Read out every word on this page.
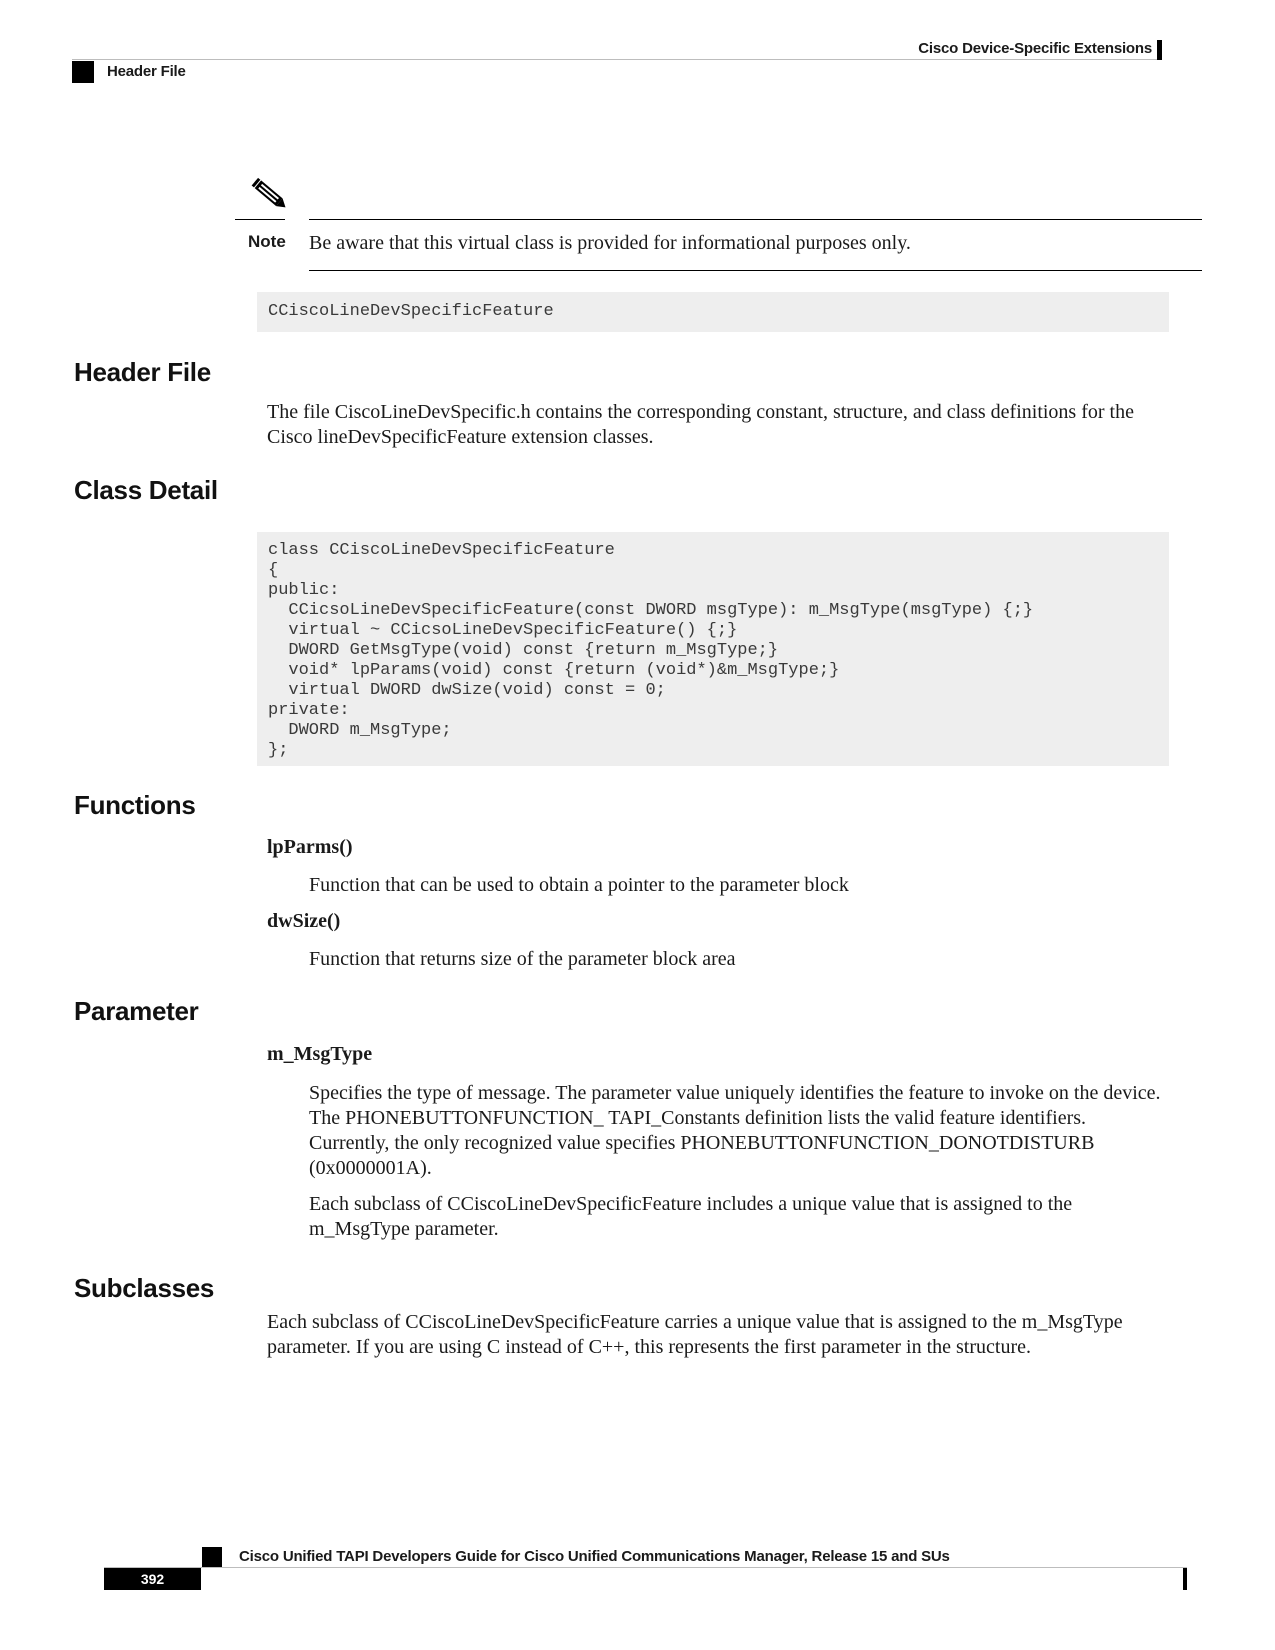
Cisco Device-Specific Extensions
Header File
Note Be aware that this virtual class is provided for informational purposes only.
CCiscoLineDevSpecificFeature
Header File
The file CiscoLineDevSpecific.h contains the corresponding constant, structure, and class definitions for the Cisco lineDevSpecificFeature extension classes.
Class Detail
class CCiscoLineDevSpecificFeature
{
public:
CCicsoLineDevSpecificFeature(const DWORD msgType): m_MsgType(msgType) {;}
virtual ~ CCicsoLineDevSpecificFeature() {;}
DWORD GetMsgType(void) const {return m_MsgType;}
void* lpParams(void) const {return (void*)&m_MsgType;}
virtual DWORD dwSize(void) const = 0;
private:
DWORD m_MsgType;
};
Functions
lpParms()
Function that can be used to obtain a pointer to the parameter block
dwSize()
Function that returns size of the parameter block area
Parameter
m_MsgType
Specifies the type of message. The parameter value uniquely identifies the feature to invoke on the device. The PHONEBUTTONFUNCTION_ TAPI_Constants definition lists the valid feature identifiers. Currently, the only recognized value specifies PHONEBUTTONFUNCTION_DONOTDISTURB (0x0000001A).
Each subclass of CCiscoLineDevSpecificFeature includes a unique value that is assigned to the m_MsgType parameter.
Subclasses
Each subclass of CCiscoLineDevSpecificFeature carries a unique value that is assigned to the m_MsgType parameter. If you are using C instead of C++, this represents the first parameter in the structure.
Cisco Unified TAPI Developers Guide for Cisco Unified Communications Manager, Release 15 and SUs
392
